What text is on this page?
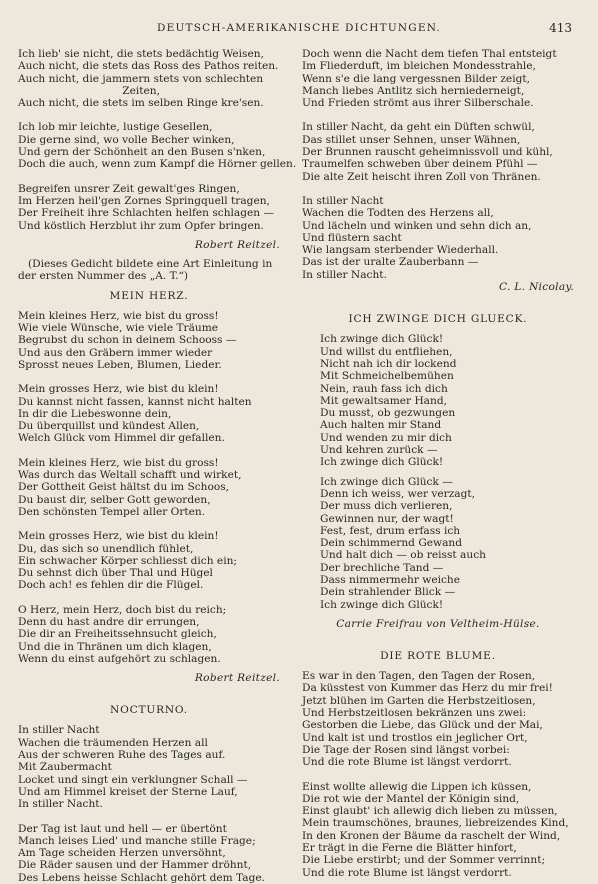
DEUTSCH-AMERIKANISCHE DICHTUNGEN.	413
Ich lieb' sie nicht, die stets bedächtig Weisen,
Auch nicht, die stets das Ross des Pathos reiten.
Auch nicht, die jammern stets von schlechten
Zeiten,
Auch nicht, die stets im selben Ringe kre'sen.
Ich lob mir leichte, lustige Gesellen,
Die gerne sind, wo volle Becher winken,
Und gern der Schönheit an den Busen s'nken,
Doch die auch, wenn zum Kampf die Hörner gellen.
Begreifen unsrer Zeit gewalt'ges Ringen,
Im Herzen heil'gen Zornes Springquell tragen,
Der Freiheit ihre Schlachten helfen schlagen —
Und köstlich Herzblut ihr zum Opfer bringen.
Robert Reitzel.
(Dieses Gedicht bildete eine Art Einleitung in
der ersten Nummer des „A. T.“)
MEIN HERZ.
Mein kleines Herz, wie bist du gross!
Wie viele Wünsche, wie viele Träume
Begrubst du schon in deinem Schooss —
Und aus den Gräbern immer wieder
Sprosst neues Leben, Blumen, Lieder.
Mein grosses Herz, wie bist du klein!
Du kannst nicht fassen, kannst nicht halten
In dir die Liebeswonne dein,
Du überquillst und kündest Allen,
Welch Glück vom Himmel dir gefallen.
Mein kleines Herz, wie bist du gross!
Was durch das Weltall schafft und wirket,
Der Gottheit Geist hältst du im Schoos,
Du baust dir, selber Gott geworden,
Den schönsten Tempel aller Orten.
Mein grosses Herz, wie bist du klein!
Du, das sich so unendlich fühlet,
Ein schwacher Körper schliesst dich ein;
Du sehnst dich über Thal und Hügel
Doch ach! es fehlen dir die Flügel.
O Herz, mein Herz, doch bist du reich;
Denn du hast andre dir errungen,
Die dir an Freiheitssehnsucht gleich,
Und die in Thränen um dich klagen,
Wenn du einst aufgehört zu schlagen.
Robert Reitzel.
NOCTURNO.
In stiller Nacht
Wachen die träumenden Herzen all
Aus der schweren Ruhe des Tages auf.
Mit Zaubermacht
Locket und singt ein verklungner Schall —
Und am Himmel kreiset der Sterne Lauf,
In stiller Nacht.
Der Tag ist laut und hell — er übertönt
Manch leises Lied' und manche stille Frage;
Am Tage scheiden Herzen unversöhnt,
Die Räder sausen und der Hammer dröhnt,
Des Lebens heisse Schlacht gehört dem Tage.
Doch wenn die Nacht dem tiefen Thal entsteigt
Im Fliederduft, im bleichen Mondesstrahle,
Wenn s'e die lang vergessnen Bilder zeigt,
Manch liebes Antlitz sich herniederneigt,
Und Frieden strömt aus ihrer Silberschale.
In stiller Nacht, da geht ein Düften schwül,
Das stillet unser Sehnen, unser Wähnen,
Der Brunnen rauscht geheimnissvoll und kühl,
Traumelfen schweben über deinem Pfühl —
Die alte Zeit heischt ihren Zoll von Thränen.
In stiller Nacht
Wachen die Todten des Herzens all,
Und lächeln und winken und sehn dich an,
Und flüstern sacht
Wie langsam sterbender Wiederhall.
Das ist der uralte Zauberbann —
In stiller Nacht.
C. L. Nicolay.
ICH ZWINGE DICH GLUECK.
Ich zwinge dich Glück!
Und willst du entfliehen,
Nicht nah ich dir lockend
Mit Schmeichelbemühen
Nein, rauh fass ich dich
Mit gewaltsamer Hand,
Du musst, ob gezwungen
Auch halten mir Stand
Und wenden zu mir dich
Und kehren zurück —
Ich zwinge dich Glück!
Ich zwinge dich Glück —
Denn ich weiss, wer verzagt,
Der muss dich verlieren,
Gewinnen nur, der wagt!
Fest, fest, drum erfass ich
Dein schimmernd Gewand
Und halt dich — ob reisst auch
Der brechliche Tand —
Dass nimmermehr weiche
Dein strahlender Blick —
Ich zwinge dich Glück!
Carrie Freifrau von Veltheim-Hülse.
DIE ROTE BLUME.
Es war in den Tagen, den Tagen der Rosen,
Da küsstest von Kummer das Herz du mir frei!
Jetzt blühen im Garten die Herbstzeitlosen,
Und Herbstzeitlosen bekränzen uns zwei:
Gestorben die Liebe, das Glück und der Mai,
Und kalt ist und trostlos ein jeglicher Ort,
Die Tage der Rosen sind längst vorbei:
Und die rote Blume ist längst verdorrt.
Einst wollte allewig die Lippen ich küssen,
Die rot wie der Mantel der Königin sind,
Einst glaubt' ich allewig dich lieben zu müssen,
Mein traumschönes, braunes, liebreizendes Kind,
In den Kronen der Bäume da raschelt der Wind,
Er trägt in die Ferne die Blätter hinfort,
Die Liebe erstirbt; und der Sommer verrinnt;
Und die rote Blume ist längst verdorrt.
